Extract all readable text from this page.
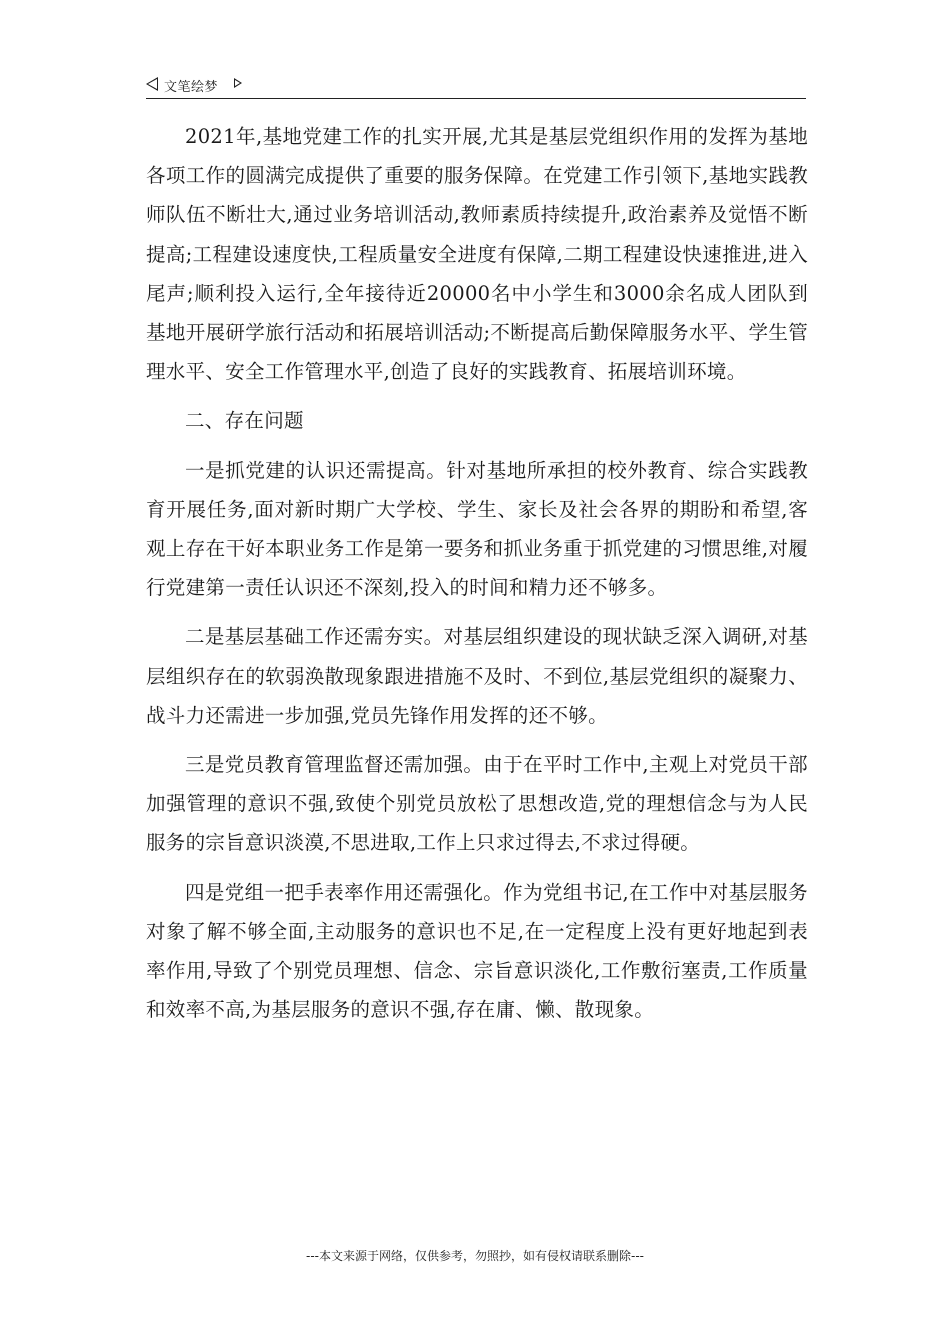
文笔绘梦

2021年,基地党建工作的扎实开展,尤其是基层党组织作用的发挥为基地各项工作的圆满完成提供了重要的服务保障。在党建工作引领下,基地实践教师队伍不断壮大,通过业务培训活动,教师素质持续提升,政治素养及觉悟不断提高;工程建设速度快,工程质量安全进度有保障,二期工程建设快速推进,进入尾声;顺利投入运行,全年接待近20000名中小学生和3000余名成人团队到基地开展研学旅行活动和拓展培训活动;不断提高后勤保障服务水平、学生管理水平、安全工作管理水平,创造了良好的实践教育、拓展培训环境。

二、存在问题

一是抓党建的认识还需提高。针对基地所承担的校外教育、综合实践教育开展任务,面对新时期广大学校、学生、家长及社会各界的期盼和希望,客观上存在干好本职业务工作是第一要务和抓业务重于抓党建的习惯思维,对履行党建第一责任认识还不深刻,投入的时间和精力还不够多。

二是基层基础工作还需夯实。对基层组织建设的现状缺乏深入调研,对基层组织存在的软弱涣散现象跟进措施不及时、不到位,基层党组织的凝聚力、战斗力还需进一步加强,党员先锋作用发挥的还不够。

三是党员教育管理监督还需加强。由于在平时工作中,主观上对党员干部加强管理的意识不强,致使个别党员放松了思想改造,党的理想信念与为人民服务的宗旨意识淡漠,不思进取,工作上只求过得去,不求过得硬。

四是党组一把手表率作用还需强化。作为党组书记,在工作中对基层服务对象了解不够全面,主动服务的意识也不足,在一定程度上没有更好地起到表率作用,导致了个别党员理想、信念、宗旨意识淡化,工作敷衍塞责,工作质量和效率不高,为基层服务的意识不强,存在庸、懒、散现象。

---本文来源于网络，仅供参考，勿照抄，如有侵权请联系删除---
